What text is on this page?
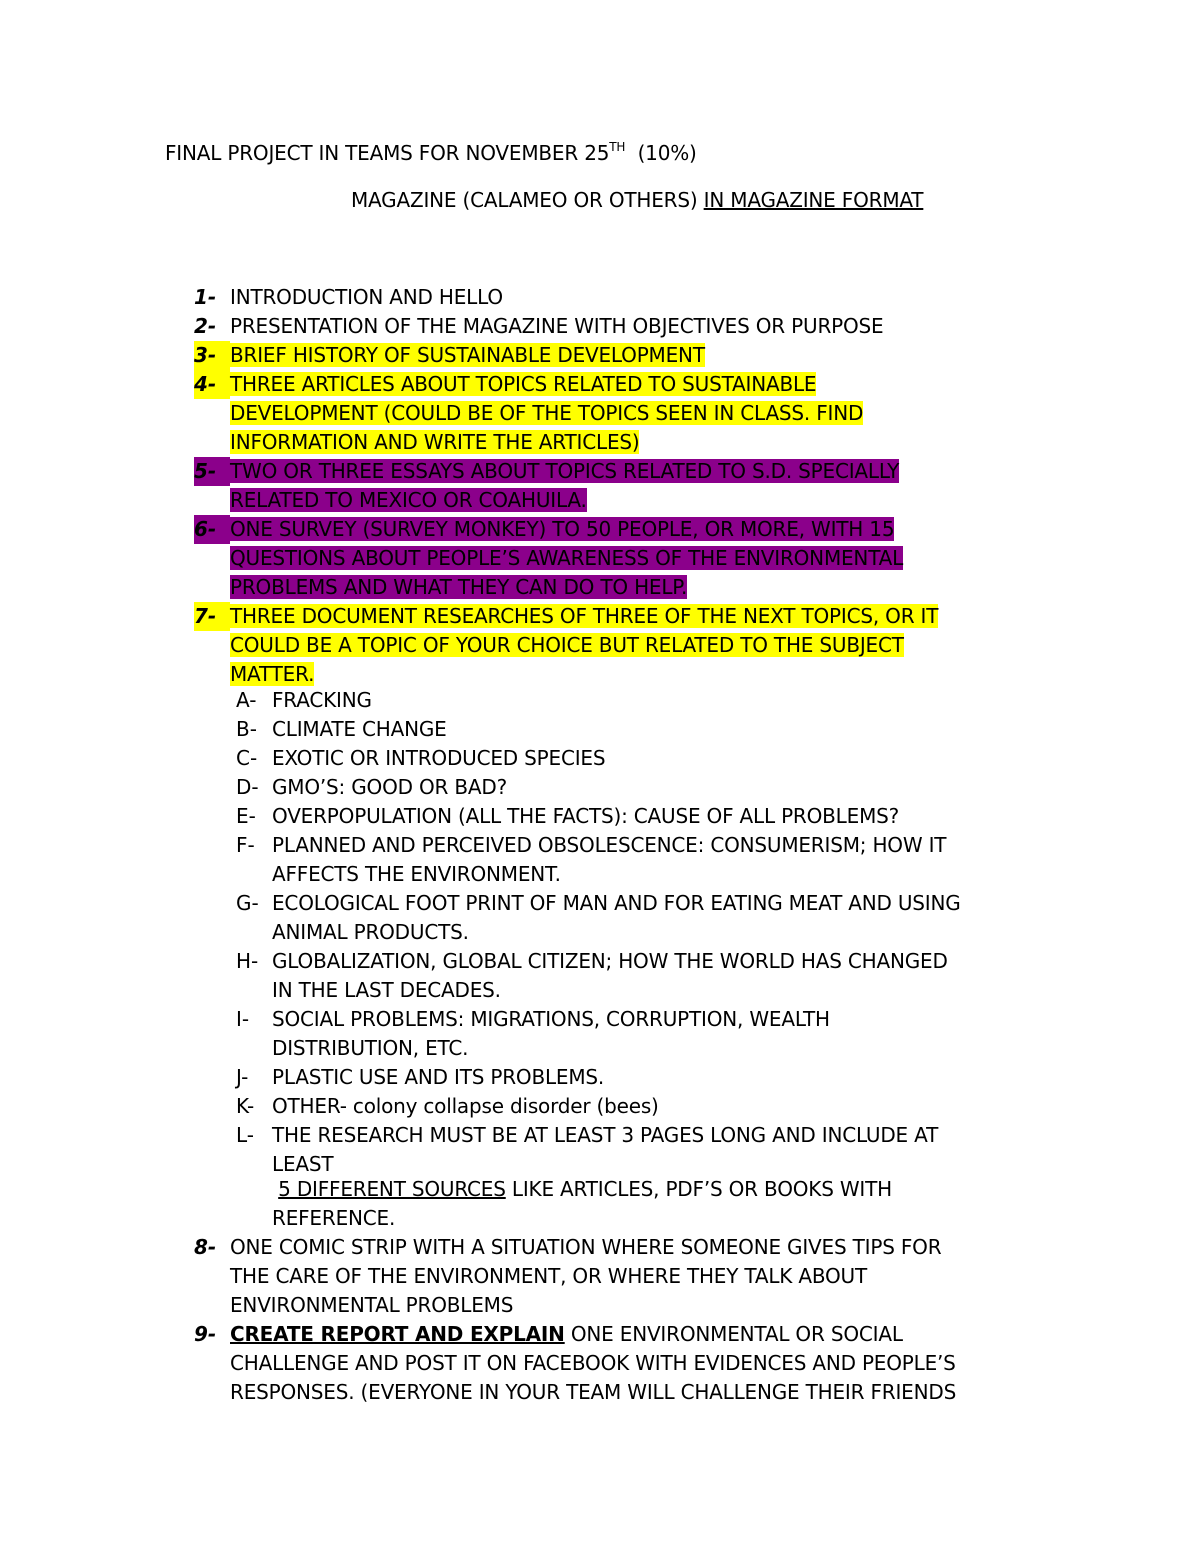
FINAL PROJECT IN TEAMS FOR NOVEMBER 25TH (10%)
MAGAZINE (CALAMEO OR OTHERS) IN MAGAZINE FORMAT
1- INTRODUCTION AND HELLO
2- PRESENTATION OF THE MAGAZINE WITH OBJECTIVES OR PURPOSE
3- BRIEF HISTORY OF SUSTAINABLE DEVELOPMENT
4- THREE ARTICLES ABOUT TOPICS RELATED TO SUSTAINABLE
DEVELOPMENT (COULD BE OF THE TOPICS SEEN IN CLASS. FIND
INFORMATION AND WRITE THE ARTICLES)
5- TWO OR THREE ESSAYS ABOUT TOPICS RELATED TO S.D. SPECIALLY
RELATED TO MEXICO OR COAHUILA.
6- ONE SURVEY (SURVEY MONKEY) TO 50 PEOPLE, OR MORE, WITH 15
QUESTIONS ABOUT PEOPLE’S AWARENESS OF THE ENVIRONMENTAL
PROBLEMS AND WHAT THEY CAN DO TO HELP.
7- THREE DOCUMENT RESEARCHES OF THREE OF THE NEXT TOPICS, OR IT
COULD BE A TOPIC OF YOUR CHOICE BUT RELATED TO THE SUBJECT
MATTER.
A- FRACKING
B- CLIMATE CHANGE
C- EXOTIC OR INTRODUCED SPECIES
D- GMO’S: GOOD OR BAD?
E- OVERPOPULATION (ALL THE FACTS): CAUSE OF ALL PROBLEMS?
F- PLANNED AND PERCEIVED OBSOLESCENCE: CONSUMERISM; HOW IT
AFFECTS THE ENVIRONMENT.
G- ECOLOGICAL FOOT PRINT OF MAN AND FOR EATING MEAT AND USING
ANIMAL PRODUCTS.
H- GLOBALIZATION, GLOBAL CITIZEN; HOW THE WORLD HAS CHANGED
IN THE LAST DECADES.
I- SOCIAL PROBLEMS: MIGRATIONS, CORRUPTION, WEALTH
DISTRIBUTION, ETC.
J- PLASTIC USE AND ITS PROBLEMS.
K- OTHER- colony collapse disorder (bees)
L- THE RESEARCH MUST BE AT LEAST 3 PAGES LONG AND INCLUDE AT
LEAST
5 DIFFERENT SOURCES LIKE ARTICLES, PDF’S OR BOOKS WITH
REFERENCE.
8- ONE COMIC STRIP WITH A SITUATION WHERE SOMEONE GIVES TIPS FOR
THE CARE OF THE ENVIRONMENT, OR WHERE THEY TALK ABOUT
ENVIRONMENTAL PROBLEMS
9- CREATE REPORT AND EXPLAIN ONE ENVIRONMENTAL OR SOCIAL
CHALLENGE AND POST IT ON FACEBOOK WITH EVIDENCES AND PEOPLE’S
RESPONSES. (EVERYONE IN YOUR TEAM WILL CHALLENGE THEIR FRIENDS
